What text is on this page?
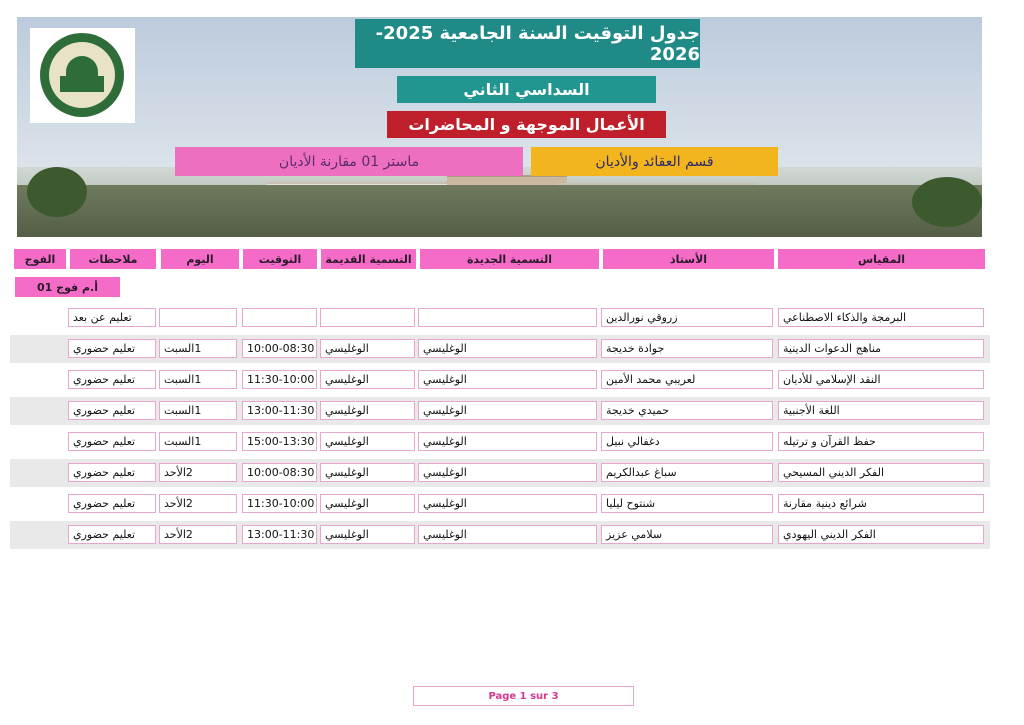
جدول التوقيت السنة الجامعية 2025-2026
السداسي الثاني
الأعمال الموجهة و المحاضرات
قسم العقائد والأديان
ماستر 01 مقارنة الأديان
المقياس
الأستاذ
التسمية الجديدة
التسمية القديمة
التوقيت
اليوم
ملاحظات
الفوج
أ.م فوج 01
البرمجة والذكاء الاصطناعي
زروقي نورالدين
تعليم عن بعد
مناهج الدعوات الدينية
جوادة خديجة
الوغليسي
الوغليسي
10:00-08:30
1السبت
تعليم حضوري
النقد الإسلامي للأديان
لعريبي محمد الأمين
الوغليسي
الوغليسي
11:30-10:00
1السبت
تعليم حضوري
اللغة الأجنبية
حميدي خديجة
الوغليسي
الوغليسي
13:00-11:30
1السبت
تعليم حضوري
حفظ القرآن و ترتيله
دغفالي نبيل
الوغليسي
الوغليسي
15:00-13:30
1السبت
تعليم حضوري
الفكر الديني المسيحي
سباغ عبدالكريم
الوغليسي
الوغليسي
10:00-08:30
2الأحد
تعليم حضوري
شرائع دينية مقارنة
شنتوح ليليا
الوغليسي
الوغليسي
11:30-10:00
2الأحد
تعليم حضوري
الفكر الديني اليهودي
سلامي عزيز
الوغليسي
الوغليسي
13:00-11:30
2الأحد
تعليم حضوري
Page 1 sur 3
